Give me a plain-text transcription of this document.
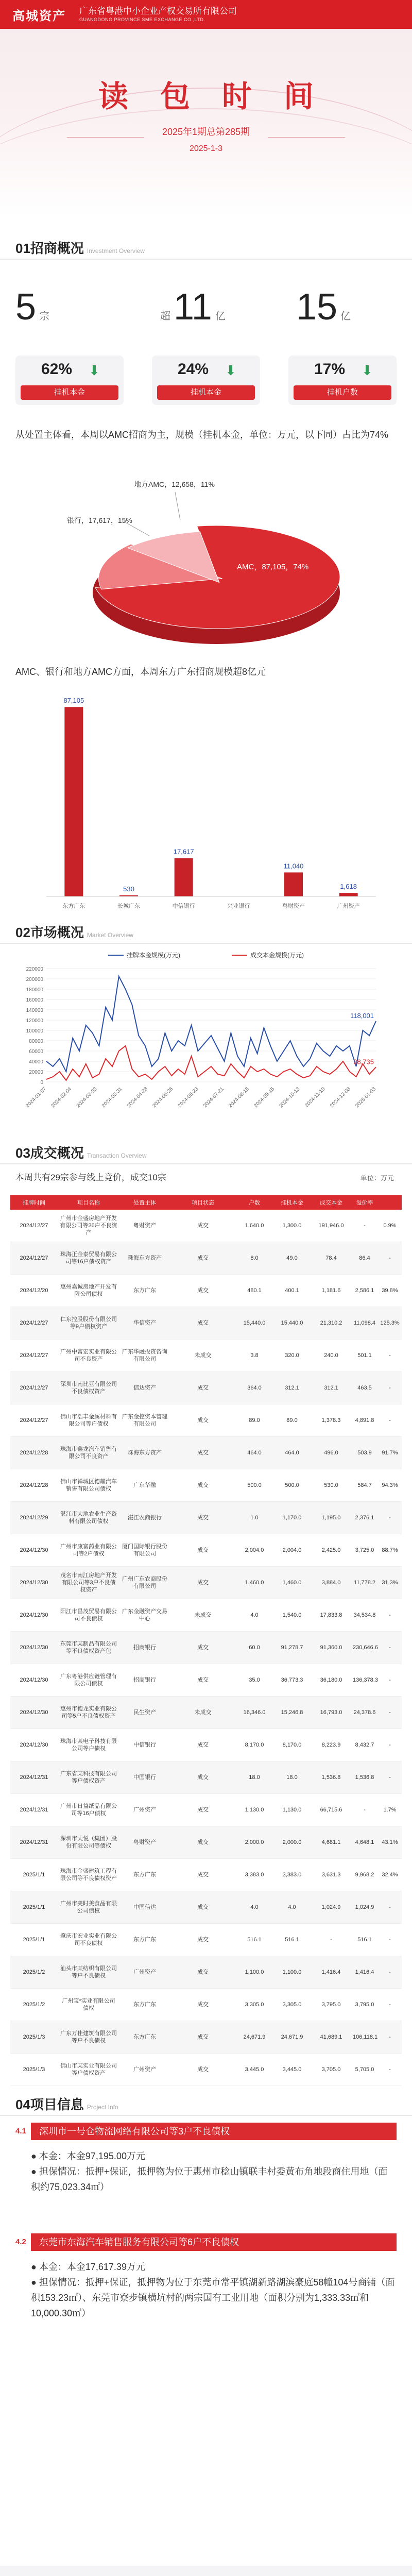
高城资产 广东省粤港中小企业产权交易所有限公司
GUANGDONG PROVINCE SME EXCHANGE CO.,LTD.
读包时间
2025年1期总第285期
2025-1-3
01招商概况 Investment Overview
5 宗	超11 亿 15 亿
62% ⬇
挂机本金
24% ⬇
挂机本金
17% ⬇
挂机户数
从处置主体看，本周以AMC招商为主，规模（挂机本金，单位：万元，以下同）占比为74%
银行，17,617，15%
地方AMC，12,658，11%
AMC，87,105，74%
AMC、银行和地方AMC方面，本周东方广东招商规模超8亿元
87,105
东方广东
530
长城广东
17,617
中信银行	兴业银行
11,040
粤财资产
1,618
广州资产
02市场概况 Market Overview
挂牌本金规模(万元)	成交本金规模(万元)
0
20000
40000
60000
80000
100000
120000
140000
160000
180000
200000
220000
2024-01-07 2024-02-04 2024-03-03 2024-03-31 2024-04-28 2024-05-26 2024-06-23 2024-07-21 2024-08-18 2024-09-15 2024-10-13 2024-11-10 2024-12-08 2025-01-03
118,001
28,735
03成交概况 Transaction Overview
本周共有29宗参与线上竞价，成交10宗	单位：万元
挂牌时间	项目名称	处置主体	项目状态	户数	挂机本金	成交本金	溢价率
2024/12/27
广州市金盛房地产开发有限公司等26户不良资产
粤财资产	成交	1,640.0	1,300.0	191,946.0	-	0.9%
2024/12/27
珠海正金泰贸易有限公司等16户债权资产
珠海东方资产	成交	8.0	49.0	78.4	86.4	-
2024/12/20
惠州嘉诚房地产开发有限公司债权
东方广东	成交	480.1	400.1	1,181.6	2,586.1	39.8%
2024/12/27
仁东控股股份有限公司等9户债权资产
华信资产	成交	15,440.0	15,440.0	21,310.2	11,098.4 125.3%
2024/12/27
广州中富宏实业有限公司不良资产
广东华融投资咨询有限公司
未成交	3.8	320.0	240.0	501.1	-
2024/12/27
深圳市南比亚有限公司不良债权资产
信达资产	成交	364.0	312.1	312.1	463.5	-
2024/12/27
佛山市浩丰金属材料有限公司等户债权
广东金控资本管理有限公司
成交	89.0	89.0	1,378.3	4,891.8	-
2024/12/28
珠海市鑫龙汽车销售有限公司不良资产
珠海东方资产	成交	464.0	464.0	496.0	503.9	91.7%
2024/12/28
佛山市禅城区德耀汽车销售有限公司债权
广东华融	成交	500.0	500.0	530.0	584.7	94.3%
2024/12/29
湛江市大地农业生产资料有限公司债权
湛江农商银行	成交	1.0	1,170.0	1,195.0	2,376.1	-
2024/12/30
广州市康富药业有限公司等2户债权
厦门国际银行股份有限公司
成交	2,004.0	2,004.0	2,425.0	3,725.0	88.7%
2024/12/30
茂名市南江房地产开发有限公司等3户不良债权资产
广州广东农商股份有限公司
成交	1,460.0	1,460.0	3,884.0	11,778.2	31.3%
2024/12/30
阳江市昌茂贸易有限公司不良债权
广东金融资产交易中心
未成交	4.0	1,540.0	17,833.8	34,534.8	-
2024/12/30
东莞市某制品有限公司等不良债权资产包
招商银行	成交	60.0	91,278.7	91,360.0	230,646.6	-
2024/12/30
广东粤港供应链管理有限公司债权
招商银行	成交	35.0	36,773.3	36,180.0	136,378.3	-
2024/12/30
惠州市德龙实业有限公司等5户不良债权资产
民生资产	未成交	16,346.0	15,246.8	16,793.0	24,378.6	-
2024/12/30
珠海市某电子科技有限公司等户债权
中信银行	成交	8,170.0	8,170.0	8,223.9	8,432.7	-
2024/12/31
广东省某科技有限公司等户债权资产
中国银行	成交	18.0	18.0	1,536.8	1,536.8	-
2024/12/31
广州市日益纸品有限公司等16户债权
广州资产	成交	1,130.0	1,130.0	66,715.6	-	1.7%
2024/12/31
深圳市天悦（集团）股份有限公司等债权
粤财资产	成交	2,000.0	2,000.0	4,681.1	4,648.1	43.1%
2025/1/1
珠海市金盛建筑工程有限公司等不良债权资产
东方广东	成交	3,383.0	3,383.0	3,631.3	9,968.2	32.4%
2025/1/1
广州市美时美食品有限公司债权
中国信达	成交	4.0	4.0	1,024.9	1,024.9	-
2025/1/1
肇庆市宏业实业有限公司不良债权
东方广东	成交	516.1	516.1	-	516.1	-
2025/1/2
汕头市某纺织有限公司等户不良债权
广州资产	成交	1,100.0	1,100.0	1,416.4	1,416.4	-
2025/1/2
广州宝*实业有限公司债权
东方广东	成交	3,305.0	3,305.0	3,795.0	3,795.0	-
2025/1/3
广东万佳建筑有限公司等户不良债权
东方广东	成交	24,671.9	24,671.9	41,689.1	106,118.1	-
2025/1/3
佛山市某实业有限公司等户债权资产
广州资产	成交	3,445.0	3,445.0	3,705.0	5,705.0	-
04项目信息 Project Info
4.1	深圳市一号仓物流网络有限公司等3户不良债权
● 本金：本金97,195.00万元
● 担保情况：抵押+保证，抵押物为位于惠州市稔山镇联丰村委黄布角地段商住用地（面积约75,023.34㎡）
4.2	东莞市东海汽车销售服务有限公司等6户不良债权
● 本金：本金17,617.39万元
● 担保情况：抵押+保证，抵押物为位于东莞市常平镇湖新路湖滨豪庭58幢104号商铺（面积153.23㎡）、东莞市寮步镇横坑村的两宗国有工业用地（面积分别为1,333.33㎡和10,000.30㎡）
